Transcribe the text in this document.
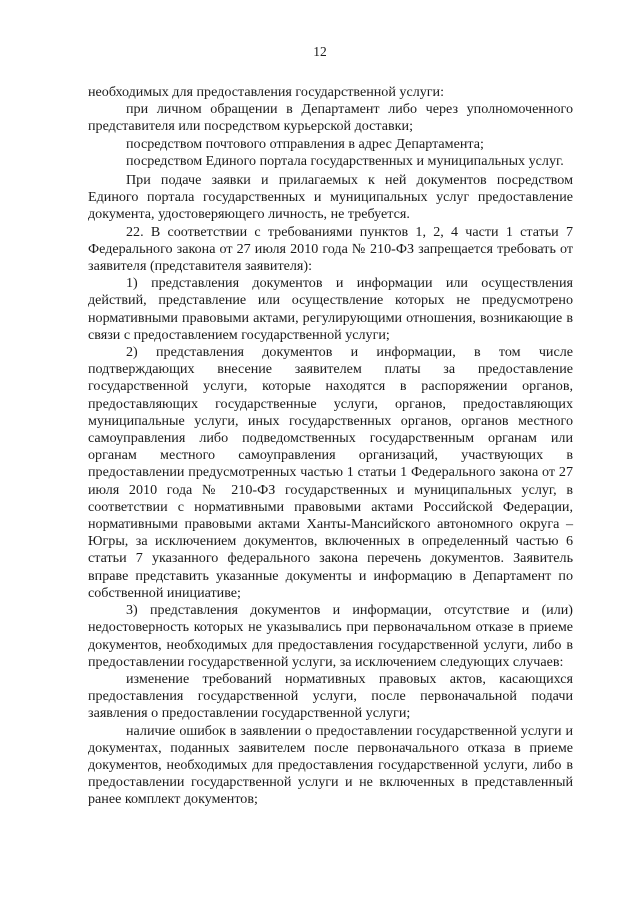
12

необходимых для предоставления государственной услуги:

при личном обращении в Департамент либо через уполномоченного представителя или посредством курьерской доставки;

посредством почтового отправления в адрес Департамента;

посредством Единого портала государственных и муниципальных услуг.

При подаче заявки и прилагаемых к ней документов посредством Единого портала государственных и муниципальных услуг предоставление документа, удостоверяющего личность, не требуется.

22. В соответствии с требованиями пунктов 1, 2, 4 части 1 статьи 7 Федерального закона от 27 июля 2010 года № 210-ФЗ запрещается требовать от заявителя (представителя заявителя):

1) представления документов и информации или осуществления действий, представление или осуществление которых не предусмотрено нормативными правовыми актами, регулирующими отношения, возникающие в связи с предоставлением государственной услуги;

2) представления документов и информации, в том числе подтверждающих внесение заявителем платы за предоставление государственной услуги, которые находятся в распоряжении органов, предоставляющих государственные услуги, органов, предоставляющих муниципальные услуги, иных государственных органов, органов местного самоуправления либо подведомственных государственным органам или органам местного самоуправления организаций, участвующих в предоставлении предусмотренных частью 1 статьи 1 Федерального закона от 27 июля 2010 года № 210-ФЗ государственных и муниципальных услуг, в соответствии с нормативными правовыми актами Российской Федерации, нормативными правовыми актами Ханты-Мансийского автономного округа – Югры, за исключением документов, включенных в определенный частью 6 статьи 7 указанного федерального закона перечень документов. Заявитель вправе представить указанные документы и информацию в Департамент по собственной инициативе;

3) представления документов и информации, отсутствие и (или) недостоверность которых не указывались при первоначальном отказе в приеме документов, необходимых для предоставления государственной услуги, либо в предоставлении государственной услуги, за исключением следующих случаев:

изменение требований нормативных правовых актов, касающихся предоставления государственной услуги, после первоначальной подачи заявления о предоставлении государственной услуги;

наличие ошибок в заявлении о предоставлении государственной услуги и документах, поданных заявителем после первоначального отказа в приеме документов, необходимых для предоставления государственной услуги, либо в предоставлении государственной услуги и не включенных в представленный ранее комплект документов;
